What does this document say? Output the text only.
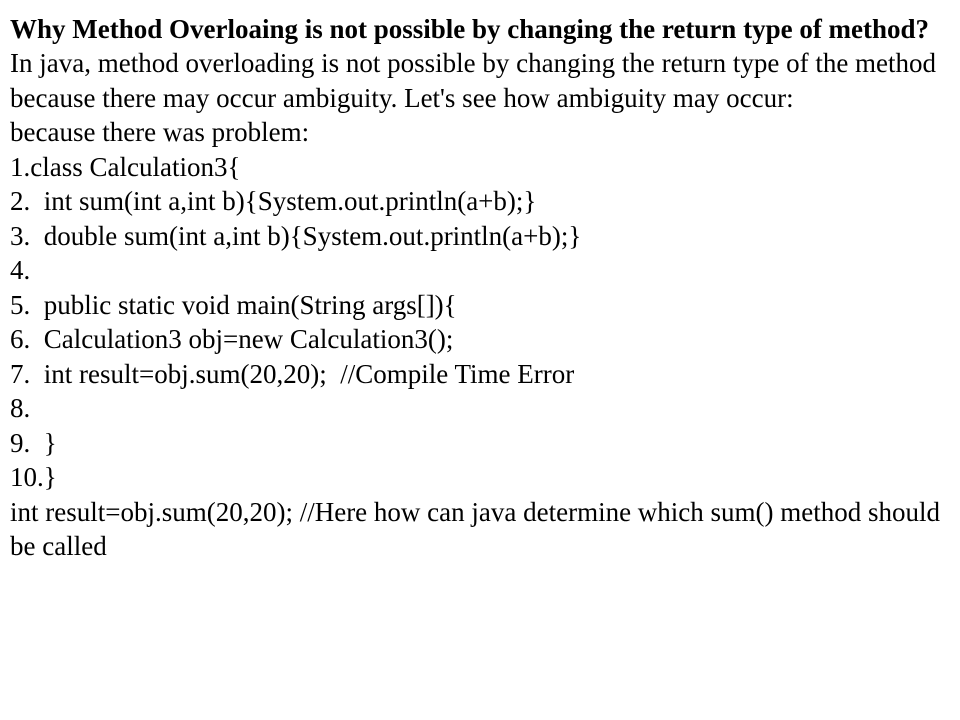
Why Method Overloaing is not possible by changing the return type of method?

In java, method overloading is not possible by changing the return type of the method because there may occur ambiguity. Let's see how ambiguity may occur:

because there was problem:

1.class Calculation3{
2.  int sum(int a,int b){System.out.println(a+b);}
3.  double sum(int a,int b){System.out.println(a+b);}
4.
5.  public static void main(String args[]){
6.  Calculation3 obj=new Calculation3();
7.  int result=obj.sum(20,20);  //Compile Time Error
8.
9.  }
10.}

int result=obj.sum(20,20); //Here how can java determine which sum() method should be called
